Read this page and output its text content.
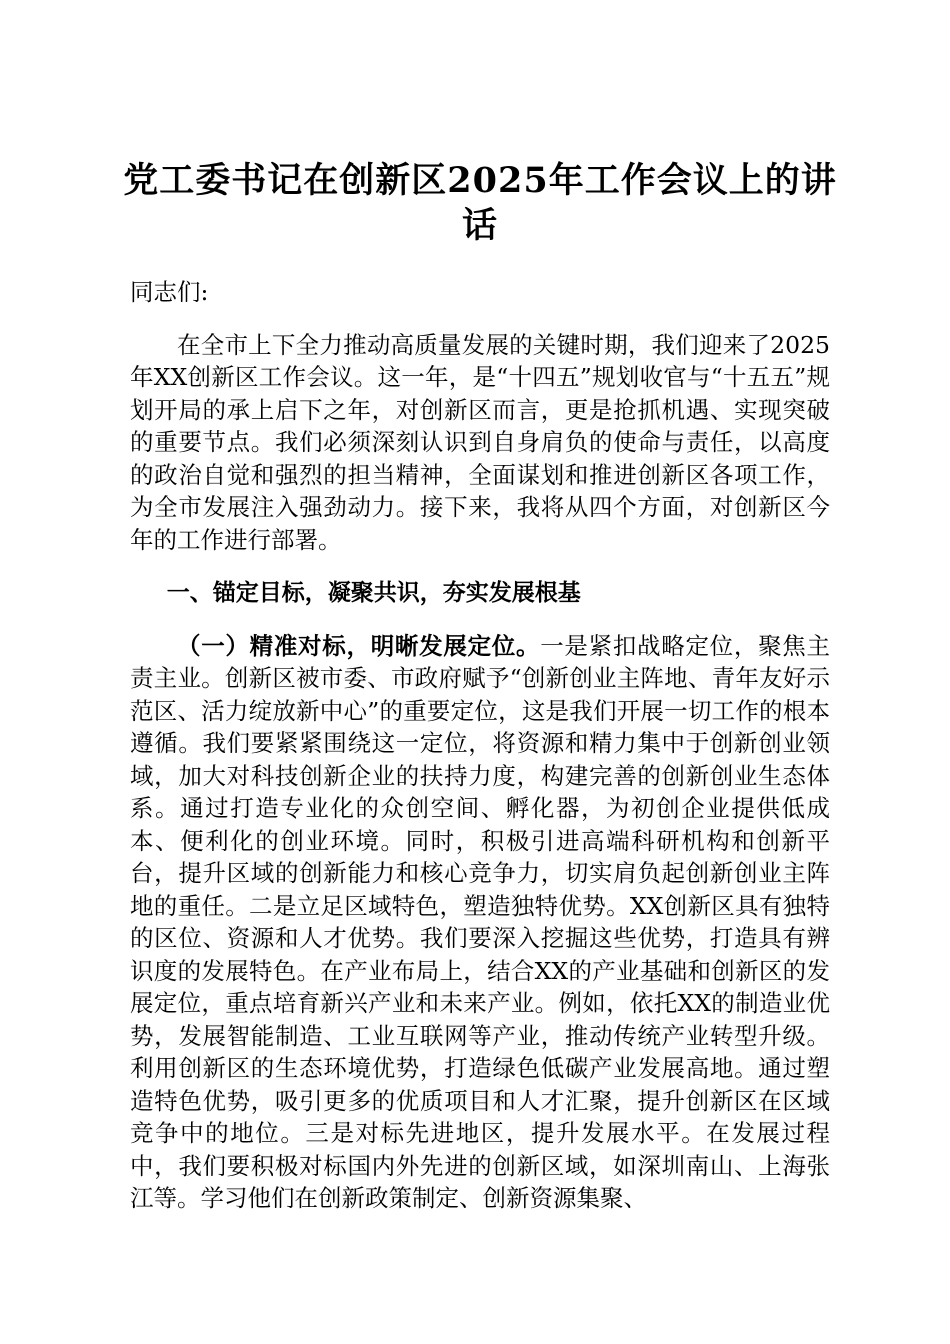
党工委书记在创新区2025年工作会议上的讲话

同志们:

在全市上下全力推动高质量发展的关键时期，我们迎来了2025年XX创新区工作会议。这一年，是“十四五”规划收官与“十五五”规划开局的承上启下之年，对创新区而言，更是抢抓机遇、实现突破的重要节点。我们必须深刻认识到自身肩负的使命与责任，以高度的政治自觉和强烈的担当精神，全面谋划和推进创新区各项工作，为全市发展注入强劲动力。接下来，我将从四个方面，对创新区今年的工作进行部署。

一、锚定目标，凝聚共识，夯实发展根基

（一）精准对标，明晰发展定位。一是紧扣战略定位，聚焦主责主业。创新区被市委、市政府赋予“创新创业主阵地、青年友好示范区、活力绽放新中心”的重要定位，这是我们开展一切工作的根本遵循。我们要紧紧围绕这一定位，将资源和精力集中于创新创业领域，加大对科技创新企业的扶持力度，构建完善的创新创业生态体系。通过打造专业化的众创空间、孵化器，为初创企业提供低成本、便利化的创业环境。同时，积极引进高端科研机构和创新平台，提升区域的创新能力和核心竞争力，切实肩负起创新创业主阵地的重任。二是立足区域特色，塑造独特优势。XX创新区具有独特的区位、资源和人才优势。我们要深入挖掘这些优势，打造具有辨识度的发展特色。在产业布局上，结合XX的产业基础和创新区的发展定位，重点培育新兴产业和未来产业。例如，依托XX的制造业优势，发展智能制造、工业互联网等产业，推动传统产业转型升级。利用创新区的生态环境优势，打造绿色低碳产业发展高地。通过塑造特色优势，吸引更多的优质项目和人才汇聚，提升创新区在区域竞争中的地位。三是对标先进地区，提升发展水平。在发展过程中，我们要积极对标国内外先进的创新区域，如深圳南山、上海张江等。学习他们在创新政策制定、创新资源集聚、
